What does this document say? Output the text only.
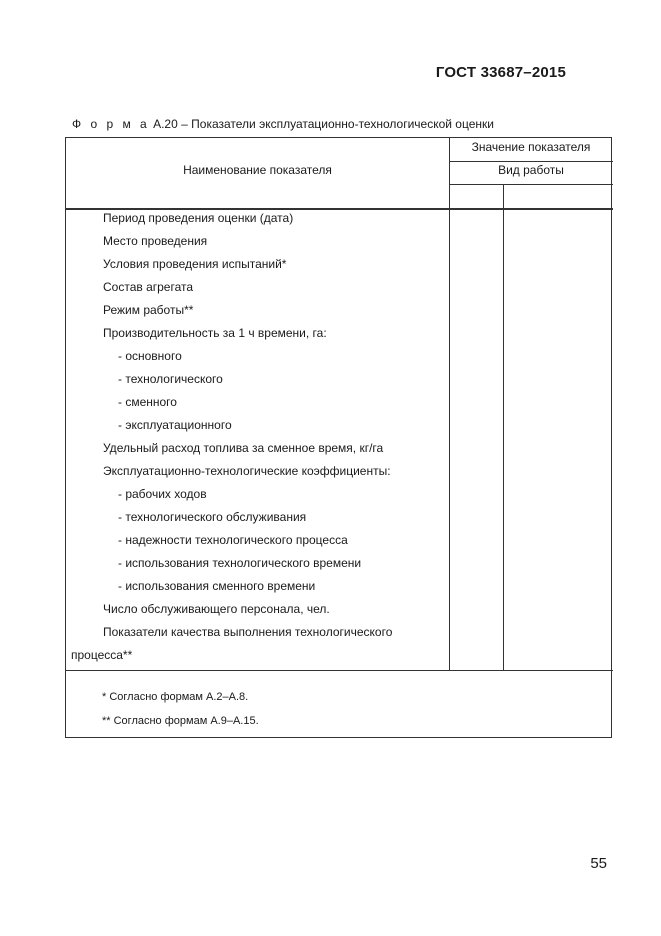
ГОСТ 33687–2015
Ф о р м а А.20 – Показатели эксплуатационно-технологической оценки
Значение показателя
Вид работы
Наименование показателя
Период проведения оценки (дата)
Место проведения
Условия проведения испытаний*
Состав агрегата
Режим работы**
Производительность за 1 ч времени, га:
- основного
- технологического
- сменного
- эксплуатационного
Удельный расход топлива за сменное время, кг/га
Эксплуатационно-технологические коэффициенты:
- рабочих ходов
- технологического обслуживания
- надежности технологического процесса
- использования технологического времени
- использования сменного времени
Число обслуживающего персонала, чел.
Показатели качества выполнения технологического
процесса**
* Согласно формам А.2–А.8.
** Согласно формам А.9–А.15.
55
